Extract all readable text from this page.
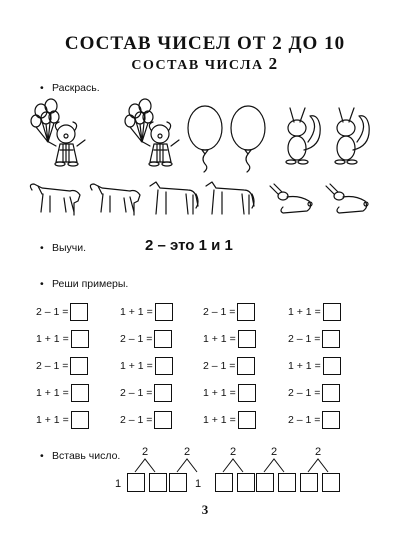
СОСТАВ ЧИСЕЛ ОТ 2 ДО 10
СОСТАВ ЧИСЛА 2
• Раскрась.
• Выучи.	2 – это 1 и 1
• Реши примеры.
2 – 1 =	1 + 1 =	2 – 1 =	1 + 1 =
1 + 1 =	2 – 1 =	1 + 1 =	2 – 1 =
2 – 1 =	1 + 1 =	2 – 1 =	1 + 1 =
1 + 1 =	2 – 1 =	1 + 1 =	2 – 1 =
1 + 1 =	2 – 1 =	1 + 1 =	2 – 1 =
• Вставь число. 2
1
2
1
2	2	2
3
